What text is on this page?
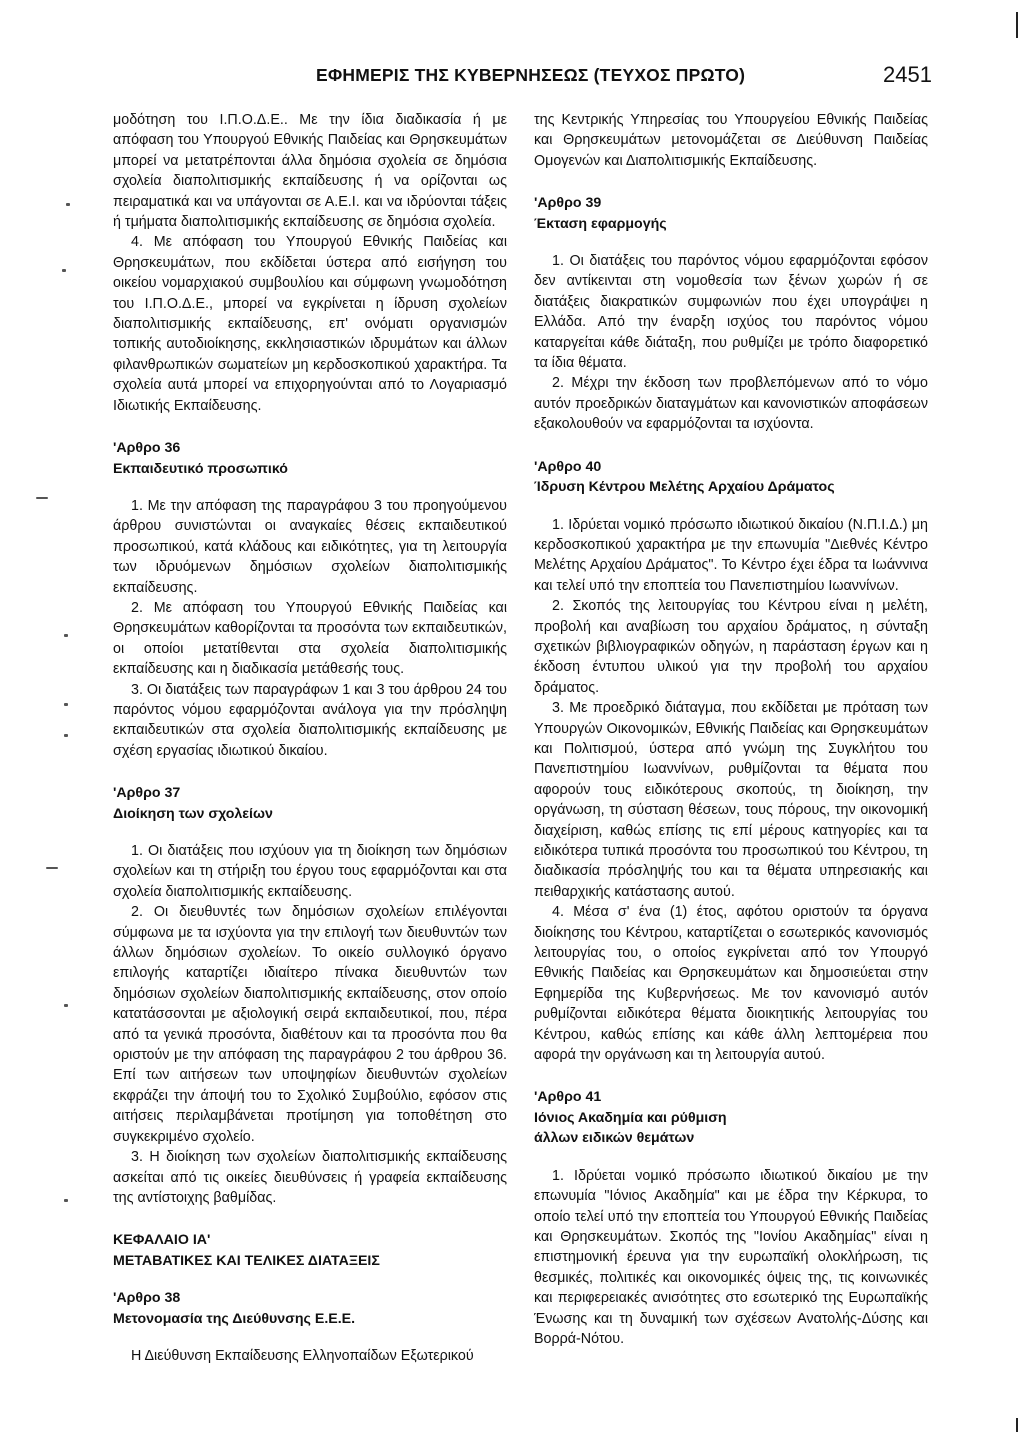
ΕΦΗΜΕΡΙΣ ΤΗΣ ΚΥΒΕΡΝΗΣΕΩΣ (ΤΕΥΧΟΣ ΠΡΩΤΟ)	2451

μοδότηση του Ι.Π.Ο.Δ.Ε.. Με την ίδια διαδικασία ή με απόφαση του Υπουργού Εθνικής Παιδείας και Θρησκευμάτων μπορεί να μετατρέπονται άλλα δημόσια σχολεία σε δημόσια σχολεία διαπολιτισμικής εκπαίδευσης ή να ορίζονται ως πειραματικά και να υπάγονται σε Α.Ε.Ι. και να ιδρύονται τάξεις ή τμήματα διαπολιτισμικής εκπαίδευσης σε δημόσια σχολεία.

4. Με απόφαση του Υπουργού Εθνικής Παιδείας και Θρησκευμάτων, που εκδίδεται ύστερα από εισήγηση του οικείου νομαρχιακού συμβουλίου και σύμφωνη γνωμοδότηση του Ι.Π.Ο.Δ.Ε., μπορεί να εγκρίνεται η ίδρυση σχολείων διαπολιτισμικής εκπαίδευσης, επ' ονόματι οργανισμών τοπικής αυτοδιοίκησης, εκκλησιαστικών ιδρυμάτων και άλλων φιλανθρωπικών σωματείων μη κερδοσκοπικού χαρακτήρα. Τα σχολεία αυτά μπορεί να επιχορηγούνται από το Λογαριασμό Ιδιωτικής Εκπαίδευσης.

'Αρθρο 36

Εκπαιδευτικό προσωπικό

1. Με την απόφαση της παραγράφου 3 του προηγούμενου άρθρου συνιστώνται οι αναγκαίες θέσεις εκπαιδευτικού προσωπικού, κατά κλάδους και ειδικότητες, για τη λειτουργία των ιδρυόμενων δημόσιων σχολείων διαπολιτισμικής εκπαίδευσης.

2. Με απόφαση του Υπουργού Εθνικής Παιδείας και Θρησκευμάτων καθορίζονται τα προσόντα των εκπαιδευτικών, οι οποίοι μετατίθενται στα σχολεία διαπολιτισμικής εκπαίδευσης και η διαδικασία μετάθεσής τους.

3. Οι διατάξεις των παραγράφων 1 και 3 του άρθρου 24 του παρόντος νόμου εφαρμόζονται ανάλογα για την πρόσληψη εκπαιδευτικών στα σχολεία διαπολιτισμικής εκπαίδευσης με σχέση εργασίας ιδιωτικού δικαίου.

'Αρθρο 37

Διοίκηση των σχολείων

1. Οι διατάξεις που ισχύουν για τη διοίκηση των δημόσιων σχολείων και τη στήριξη του έργου τους εφαρμόζονται και στα σχολεία διαπολιτισμικής εκπαίδευσης.

2. Οι διευθυντές των δημόσιων σχολείων επιλέγονται σύμφωνα με τα ισχύοντα για την επιλογή των διευθυντών των άλλων δημόσιων σχολείων. Το οικείο συλλογικό όργανο επιλογής καταρτίζει ιδιαίτερο πίνακα διευθυντών των δημόσιων σχολείων διαπολιτισμικής εκπαίδευσης, στον οποίο κατατάσσονται με αξιολογική σειρά εκπαιδευτικοί, που, πέρα από τα γενικά προσόντα, διαθέτουν και τα προσόντα που θα οριστούν με την απόφαση της παραγράφου 2 του άρθρου 36. Επί των αιτήσεων των υποψηφίων διευθυντών σχολείων εκφράζει την άποψή του το Σχολικό Συμβούλιο, εφόσον στις αιτήσεις περιλαμβάνεται προτίμηση για τοποθέτηση στο συγκεκριμένο σχολείο.

3. Η διοίκηση των σχολείων διαπολιτισμικής εκπαίδευσης ασκείται από τις οικείες διευθύνσεις ή γραφεία εκπαίδευσης της αντίστοιχης βαθμίδας.

ΚΕΦΑΛΑΙΟ ΙΑ'

ΜΕΤΑΒΑΤΙΚΕΣ ΚΑΙ ΤΕΛΙΚΕΣ ΔΙΑΤΑΞΕΙΣ

'Αρθρο 38

Μετονομασία της Διεύθυνσης Ε.Ε.Ε.

Η Διεύθυνση Εκπαίδευσης Ελληνοπαίδων Εξωτερικού

της Κεντρικής Υπηρεσίας του Υπουργείου Εθνικής Παιδείας και Θρησκευμάτων μετονομάζεται σε Διεύθυνση Παιδείας Ομογενών και Διαπολιτισμικής Εκπαίδευσης.

'Αρθρο 39

Έκταση εφαρμογής

1. Οι διατάξεις του παρόντος νόμου εφαρμόζονται εφόσον δεν αντίκεινται στη νομοθεσία των ξένων χωρών ή σε διατάξεις διακρατικών συμφωνιών που έχει υπογράψει η Ελλάδα. Από την έναρξη ισχύος του παρόντος νόμου καταργείται κάθε διάταξη, που ρυθμίζει με τρόπο διαφορετικό τα ίδια θέματα.

2. Μέχρι την έκδοση των προβλεπόμενων από το νόμο αυτόν προεδρικών διαταγμάτων και κανονιστικών αποφάσεων εξακολουθούν να εφαρμόζονται τα ισχύοντα.

'Αρθρο 40

Ίδρυση Κέντρου Μελέτης Αρχαίου Δράματος

1. Ιδρύεται νομικό πρόσωπο ιδιωτικού δικαίου (Ν.Π.Ι.Δ.) μη κερδοσκοπικού χαρακτήρα με την επωνυμία "Διεθνές Κέντρο Μελέτης Αρχαίου Δράματος". Το Κέντρο έχει έδρα τα Ιωάννινα και τελεί υπό την εποπτεία του Πανεπιστημίου Ιωαννίνων.

2. Σκοπός της λειτουργίας του Κέντρου είναι η μελέτη, προβολή και αναβίωση του αρχαίου δράματος, η σύνταξη σχετικών βιβλιογραφικών οδηγών, η παράσταση έργων και η έκδοση έντυπου υλικού για την προβολή του αρχαίου δράματος.

3. Με προεδρικό διάταγμα, που εκδίδεται με πρόταση των Υπουργών Οικονομικών, Εθνικής Παιδείας και Θρησκευμάτων και Πολιτισμού, ύστερα από γνώμη της Συγκλήτου του Πανεπιστημίου Ιωαννίνων, ρυθμίζονται τα θέματα που αφορούν τους ειδικότερους σκοπούς, τη διοίκηση, την οργάνωση, τη σύσταση θέσεων, τους πόρους, την οικονομική διαχείριση, καθώς επίσης τις επί μέρους κατηγορίες και τα ειδικότερα τυπικά προσόντα του προσωπικού του Κέντρου, τη διαδικασία πρόσληψής του και τα θέματα υπηρεσιακής και πειθαρχικής κατάστασης αυτού.

4. Μέσα σ' ένα (1) έτος, αφότου οριστούν τα όργανα διοίκησης του Κέντρου, καταρτίζεται ο εσωτερικός κανονισμός λειτουργίας του, ο οποίος εγκρίνεται από τον Υπουργό Εθνικής Παιδείας και Θρησκευμάτων και δημοσιεύεται στην Εφημερίδα της Κυβερνήσεως. Με τον κανονισμό αυτόν ρυθμίζονται ειδικότερα θέματα διοικητικής λειτουργίας του Κέντρου, καθώς επίσης και κάθε άλλη λεπτομέρεια που αφορά την οργάνωση και τη λειτουργία αυτού.

'Αρθρο 41

Ιόνιος Ακαδημία και ρύθμιση

άλλων ειδικών θεμάτων

1. Ιδρύεται νομικό πρόσωπο ιδιωτικού δικαίου με την επωνυμία "Ιόνιος Ακαδημία" και με έδρα την Κέρκυρα, το οποίο τελεί υπό την εποπτεία του Υπουργού Εθνικής Παιδείας και Θρησκευμάτων. Σκοπός της "Ιονίου Ακαδημίας" είναι η επιστημονική έρευνα για την ευρωπαϊκή ολοκλήρωση, τις θεσμικές, πολιτικές και οικονομικές όψεις της, τις κοινωνικές και περιφερειακές ανισότητες στο εσωτερικό της Ευρωπαϊκής Ένωσης και τη δυναμική των σχέσεων Ανατολής-Δύσης και Βορρά-Νότου.
